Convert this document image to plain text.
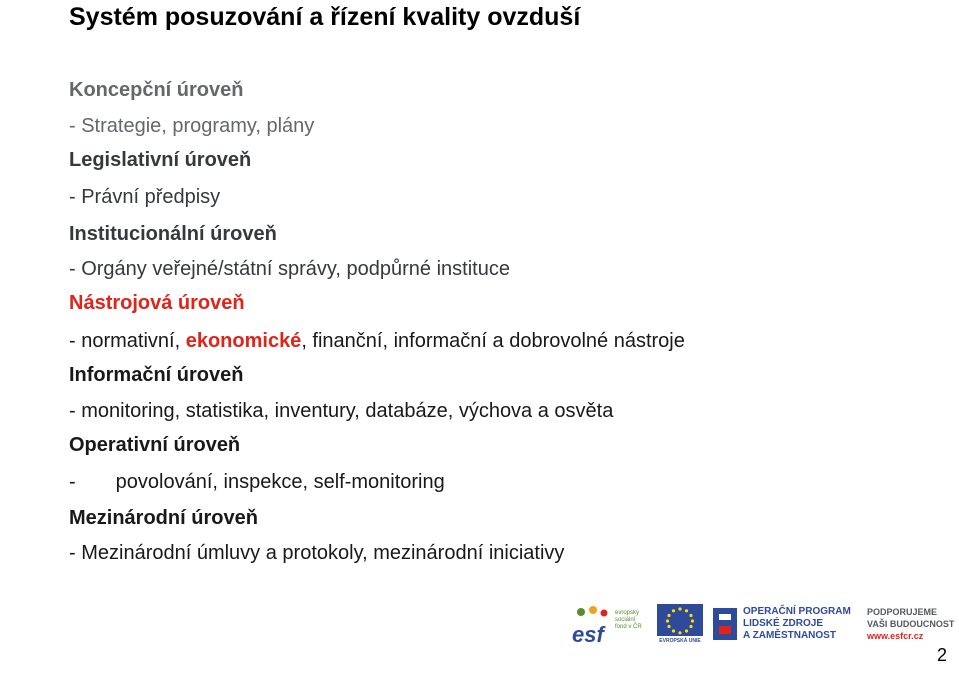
Systém posuzování a řízení kvality ovzduší
Koncepční úroveň
- Strategie, programy, plány
Legislativní úroveň
- Právní předpisy
Institucionální úroveň
- Orgány veřejné/státní správy, podpůrné instituce
Nástrojová úroveň
- normativní, ekonomické, finanční, informační a dobrovolné nástroje
Informační úroveň
- monitoring, statistika, inventury, databáze, výchova a osvěta
Operativní úroveň
- povolování, inspekce, self-monitoring
Mezinárodní úroveň
- Mezinárodní úmluvy a protokoly, mezinárodní iniciativy
esf
evropský
sociální
fond v ČR
EVROPSKÁ UNIE
OPERAČNÍ PROGRAM
LIDSKÉ ZDROJE
A ZAMĚSTNANOST
PODPORUJEME
VAŠI BUDOUCNOST
www.esfcr.cz
2
